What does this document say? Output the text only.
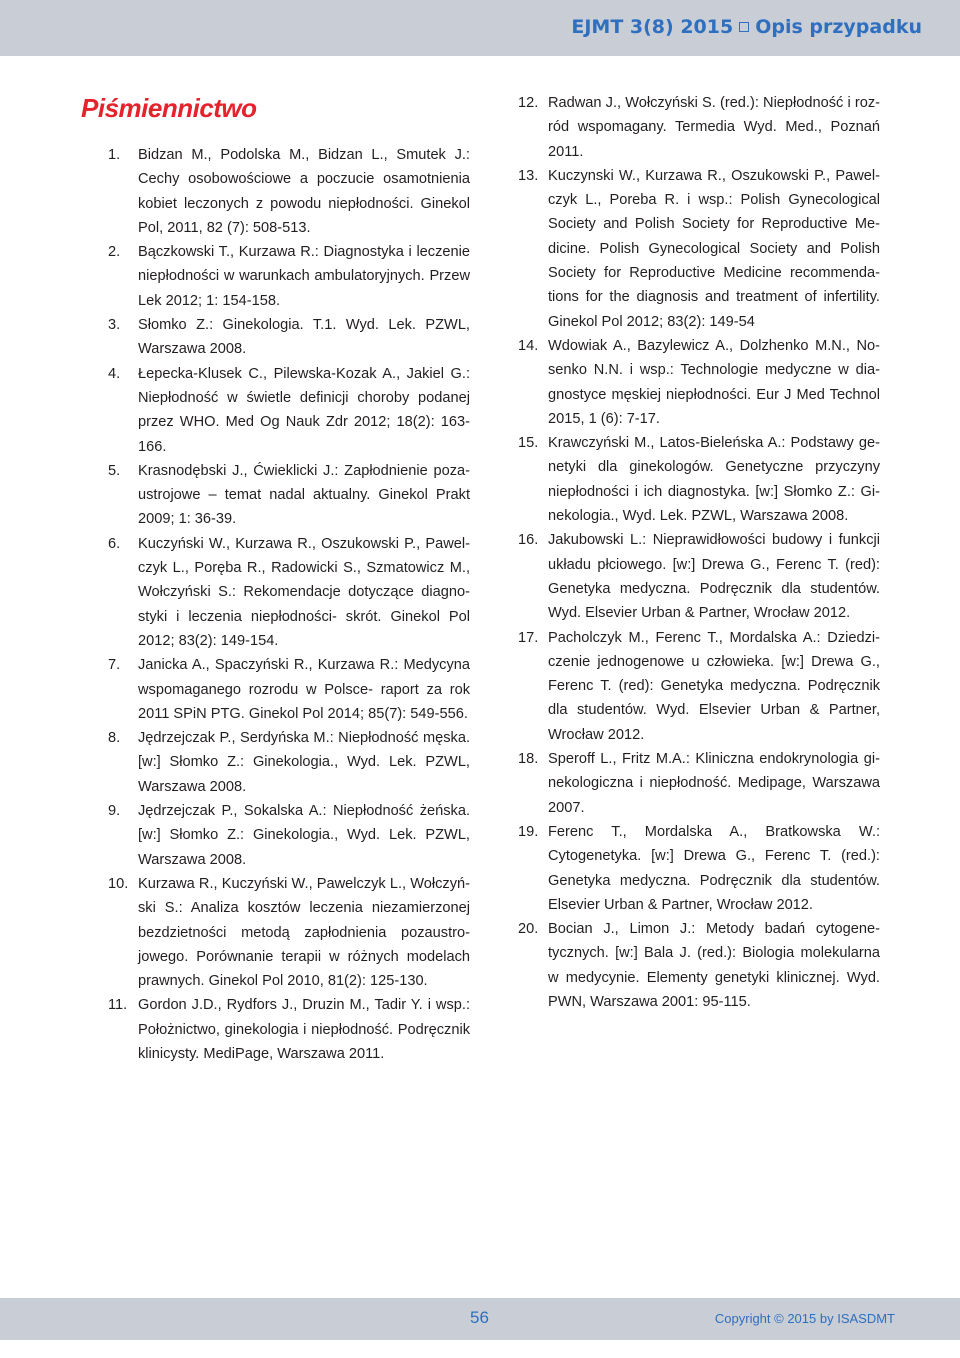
EJMT 3(8) 2015 Opis przypadku
Piśmiennictwo
1. Bidzan M., Podolska M., Bidzan L., Smutek J.: Cechy osobowościowe a poczucie osamotnienia kobiet leczonych z powodu niepłodności. Ginekol Pol, 2011, 82 (7): 508-513.
2. Bączkowski T., Kurzawa R.: Diagnostyka i leczenie niepłodności w warunkach ambulatoryjnych. Przew Lek 2012; 1: 154-158.
3. Słomko Z.: Ginekologia. T.1. Wyd. Lek. PZWL, Warszawa 2008.
4. Łepecka-Klusek C., Pilewska-Kozak A., Jakiel G.: Niepłodność w świetle definicji choroby podanej przez WHO. Med Og Nauk Zdr 2012; 18(2): 163-166.
5. Krasnodębski J., Ćwieklicki J.: Zapłodnienie pozaustrojowe – temat nadal aktualny. Ginekol Prakt 2009; 1: 36-39.
6. Kuczyński W., Kurzawa R., Oszukowski P., Pawelczyk L., Poręba R., Radowicki S., Szmatowicz M., Wołczyński S.: Rekomendacje dotyczące diagnostyki i leczenia niepłodności- skrót. Ginekol Pol 2012; 83(2): 149-154.
7. Janicka A., Spaczyński R., Kurzawa R.: Medycyna wspomaganego rozrodu w Polsce- raport za rok 2011 SPiN PTG. Ginekol Pol 2014; 85(7): 549-556.
8. Jędrzejczak P., Serdyńska M.: Niepłodność męska. [w:] Słomko Z.: Ginekologia., Wyd. Lek. PZWL, Warszawa 2008.
9. Jędrzejczak P., Sokalska A.: Niepłodność żeńska. [w:] Słomko Z.: Ginekologia., Wyd. Lek. PZWL, Warszawa 2008.
10. Kurzawa R., Kuczyński W., Pawelczyk L., Wołczyński S.: Analiza kosztów leczenia niezamierzonej bezdzietności metodą zapłodnienia pozaustrojowego. Porównanie terapii w różnych modelach prawnych. Ginekol Pol 2010, 81(2): 125-130.
11. Gordon J.D., Rydfors J., Druzin M., Tadir Y. i wsp.: Położnictwo, ginekologia i niepłodność. Podręcznik klinicysty. MediPage, Warszawa 2011.
12. Radwan J., Wołczyński S. (red.): Niepłodność i rozród wspomagany. Termedia Wyd. Med., Poznań 2011.
13. Kuczynski W., Kurzawa R., Oszukowski P., Pawelczyk L., Poreba R. i wsp.: Polish Gynecological Society and Polish Society for Reproductive Medicine. Polish Gynecological Society and Polish Society for Reproductive Medicine recommendations for the diagnosis and treatment of infertility. Ginekol Pol 2012; 83(2): 149-54
14. Wdowiak A., Bazylewicz A., Dolzhenko M.N., Nosenko N.N. i wsp.: Technologie medyczne w diagnostyce męskiej niepłodności. Eur J Med Technol 2015, 1 (6): 7-17.
15. Krawczyński M., Latos-Bieleńska A.: Podstawy genetyki dla ginekologów. Genetyczne przyczyny niepłodności i ich diagnostyka. [w:] Słomko Z.: Ginekologia., Wyd. Lek. PZWL, Warszawa 2008.
16. Jakubowski L.: Nieprawidłowości budowy i funkcji układu płciowego. [w:] Drewa G., Ferenc T. (red): Genetyka medyczna. Podręcznik dla studentów. Wyd. Elsevier Urban & Partner, Wrocław 2012.
17. Pacholczyk M., Ferenc T., Mordalska A.: Dziedziczenie jednogenowe u człowieka. [w:] Drewa G., Ferenc T. (red): Genetyka medyczna. Podręcznik dla studentów. Wyd. Elsevier Urban & Partner, Wrocław 2012.
18. Speroff L., Fritz M.A.: Kliniczna endokrynologia ginekologiczna i niepłodność. Medipage, Warszawa 2007.
19. Ferenc T., Mordalska A., Bratkowska W.: Cytogenetyka. [w:] Drewa G., Ferenc T. (red.): Genetyka medyczna. Podręcznik dla studentów. Elsevier Urban & Partner, Wrocław 2012.
20. Bocian J., Limon J.: Metody badań cytogenetycznych. [w:] Bala J. (red.): Biologia molekularna w medycynie. Elementy genetyki klinicznej. Wyd. PWN, Warszawa 2001: 95-115.
56	Copyright © 2015 by ISASDMT
